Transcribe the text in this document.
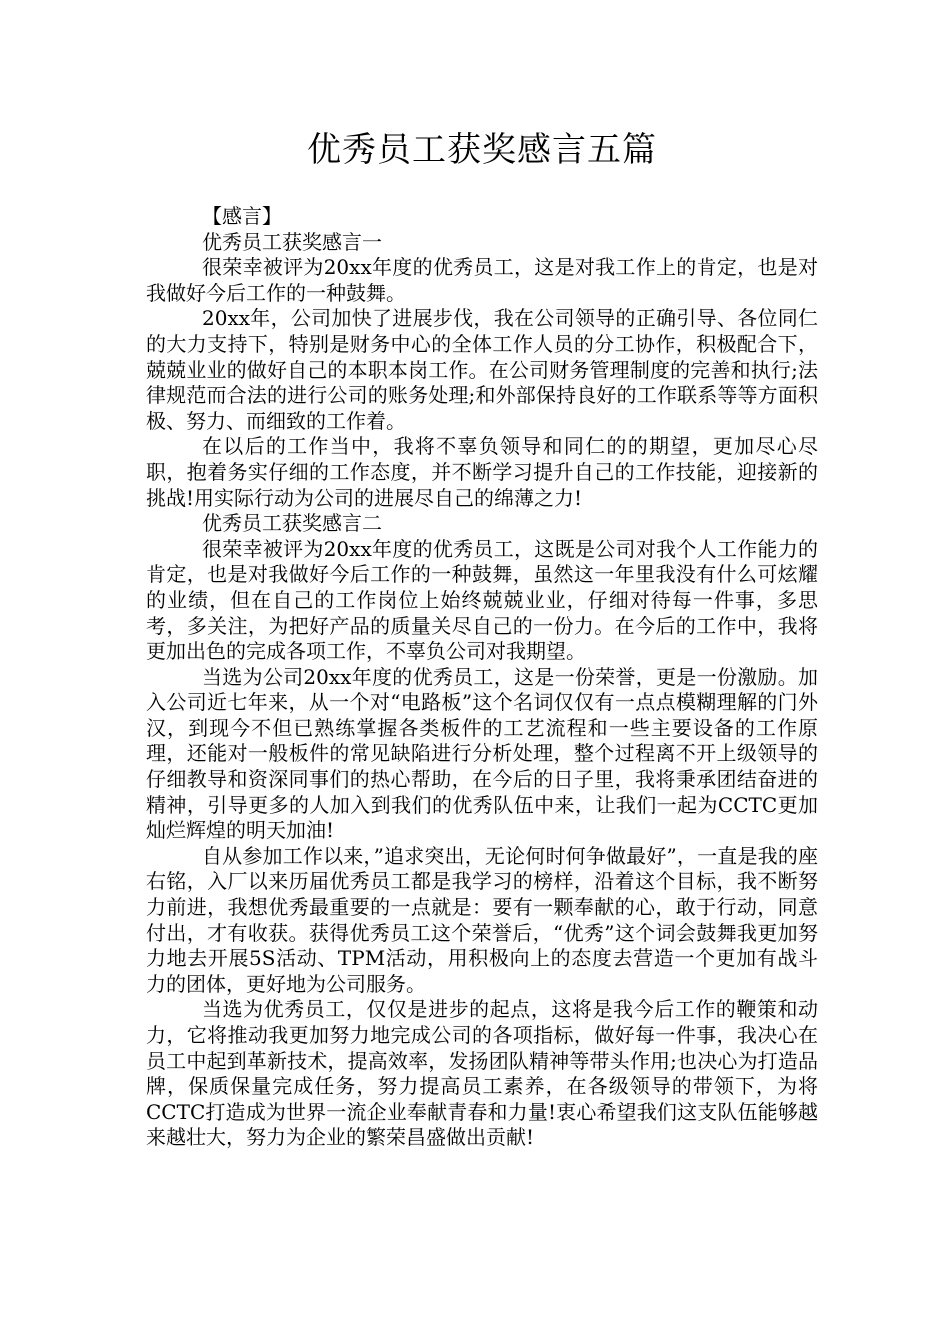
优秀员工获奖感言五篇

【感言】

优秀员工获奖感言一

很荣幸被评为20xx年度的优秀员工，这是对我工作上的肯定，也是对我做好今后工作的一种鼓舞。

20xx年，公司加快了进展步伐，我在公司领导的正确引导、各位同仁的大力支持下，特别是财务中心的全体工作人员的分工协作，积极配合下，兢兢业业的做好自己的本职本岗工作。在公司财务管理制度的完善和执行;法律规范而合法的进行公司的账务处理;和外部保持良好的工作联系等等方面积极、努力、而细致的工作着。

在以后的工作当中，我将不辜负领导和同仁的的期望，更加尽心尽职，抱着务实仔细的工作态度，并不断学习提升自己的工作技能，迎接新的挑战!用实际行动为公司的进展尽自己的绵薄之力!

优秀员工获奖感言二

很荣幸被评为20xx年度的优秀员工，这既是公司对我个人工作能力的肯定，也是对我做好今后工作的一种鼓舞，虽然这一年里我没有什么可炫耀的业绩，但在自己的工作岗位上始终兢兢业业，仔细对待每一件事，多思考，多关注，为把好产品的质量关尽自己的一份力。在今后的工作中，我将更加出色的完成各项工作，不辜负公司对我期望。

当选为公司20xx年度的优秀员工，这是一份荣誉，更是一份激励。加入公司近七年来，从一个对“电路板”这个名词仅仅有一点点模糊理解的门外汉，到现今不但已熟练掌握各类板件的工艺流程和一些主要设备的工作原理，还能对一般板件的常见缺陷进行分析处理，整个过程离不开上级领导的仔细教导和资深同事们的热心帮助，在今后的日子里，我将秉承团结奋进的精神，引导更多的人加入到我们的优秀队伍中来，让我们一起为CCTC更加灿烂辉煌的明天加油!

自从参加工作以来，”追求突出，无论何时何争做最好”，一直是我的座右铭，入厂以来历届优秀员工都是我学习的榜样，沿着这个目标，我不断努力前进，我想优秀最重要的一点就是：要有一颗奉献的心，敢于行动，同意付出，才有收获。获得优秀员工这个荣誉后，“优秀”这个词会鼓舞我更加努力地去开展5S活动、TPM活动，用积极向上的态度去营造一个更加有战斗力的团体，更好地为公司服务。

当选为优秀员工，仅仅是进步的起点，这将是我今后工作的鞭策和动力，它将推动我更加努力地完成公司的各项指标，做好每一件事，我决心在员工中起到革新技术，提高效率，发扬团队精神等带头作用;也决心为打造品牌，保质保量完成任务，努力提高员工素养，在各级领导的带领下，为将CCTC打造成为世界一流企业奉献青春和力量!衷心希望我们这支队伍能够越来越壮大，努力为企业的繁荣昌盛做出贡献!
